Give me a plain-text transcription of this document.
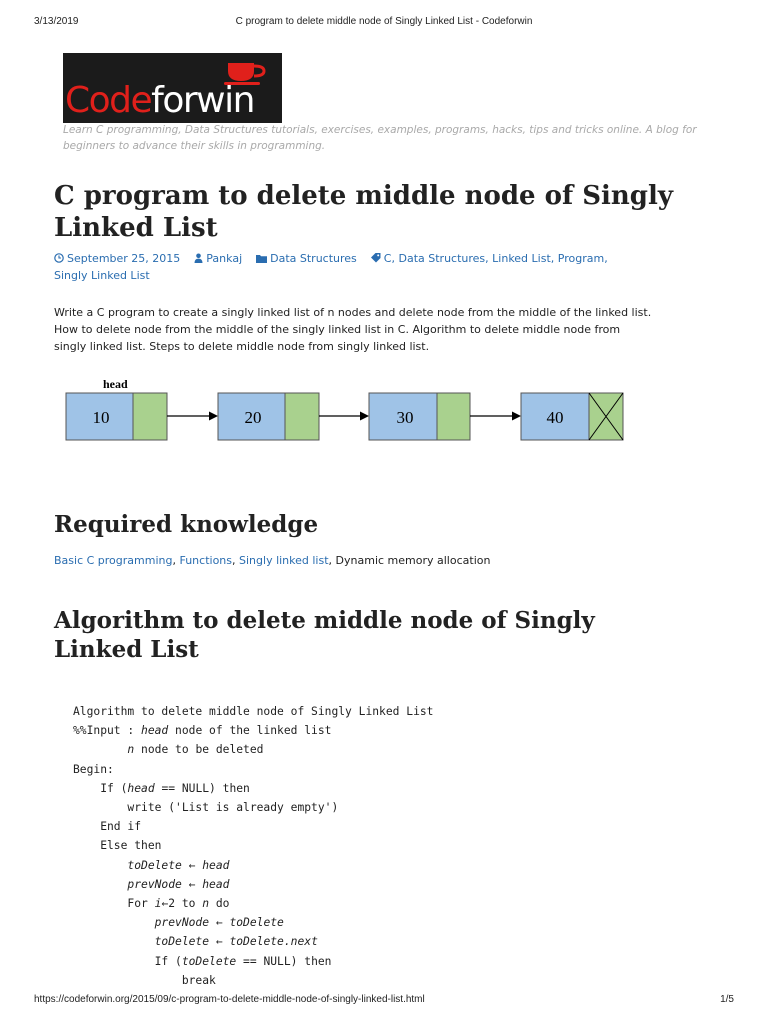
3/13/2019	C program to delete middle node of Singly Linked List - Codeforwin
Codeforwin
Learn C programming, Data Structures tutorials, exercises, examples, programs, hacks, tips and tricks online. A blog for beginners to advance their skills in programming.
C program to delete middle node of Singly Linked List
September 25, 2015 Pankaj	Data Structures C, Data Structures, Linked List, Program,
Singly Linked List

Write a C program to create a singly linked list of n nodes and delete node from the middle of the linked list. How to delete node from the middle of the singly linked list in C. Algorithm to delete middle node from singly linked list. Steps to delete middle node from singly linked list.

head
10	20	30	40
Required knowledge
Basic C programming, Functions, Singly linked list, Dynamic memory allocation
Algorithm to delete middle node of Singly Linked List
Algorithm to delete middle node of Singly Linked List
%%Input : head node of the linked list
n node to be deleted
Begin:
If (head == NULL) then
write ('List is already empty')
End if
Else then
toDelete ← head
prevNode ← head
For i←2 to n do
prevNode ← toDelete
toDelete ← toDelete.next
If (toDelete == NULL) then
break
https://codeforwin.org/2015/09/c-program-to-delete-middle-node-of-singly-linked-list.html	1/5
